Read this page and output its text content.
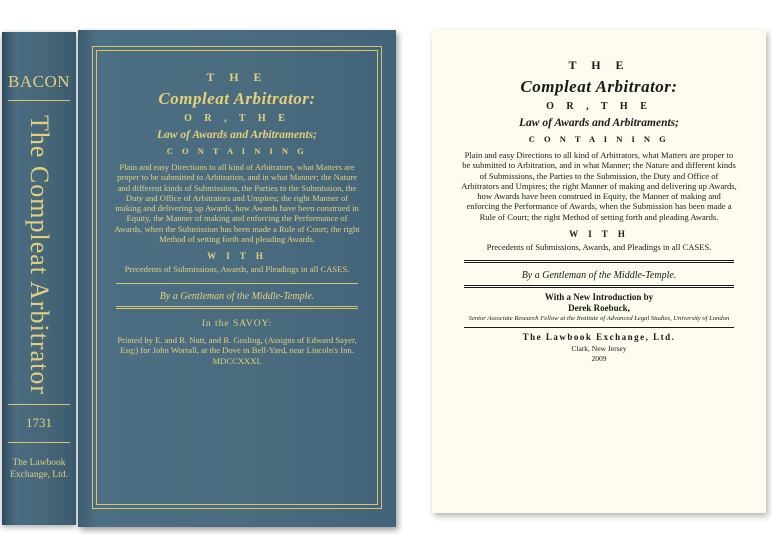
BACON
The Compleat Arbitrator
1731
The Lawbook
Exchange, Ltd.
T H E
Compleat Arbitrator:
O R , T H E
Law of Awards and Arbitraments;
C O N T A I N I N G
Plain and easy Directions to all kind of Arbitrators, what Matters are proper to be submitted to Arbitration, and in what Manner; the Nature and different kinds of Submissions, the Parties to the Submission, the Duty and Office of Arbitrators and Umpires; the right Manner of making and delivering up Awards, how Awards have been construed in Equity, the Manner of making and enforcing the Performance of Awards, when the Submission has been made a Rule of Court; the right Method of setting forth and pleading Awards.
W I T H
Precedents of Submissions, Awards, and Pleadings in all CASES.
By a Gentleman of the Middle-Temple.
In the SAVOY:
Printed by E. and R. Nutt, and R. Gosling, (Assigns of Edward Sayer, Esq;) for John Worrall, at the Dove in Bell-Yard, near Lincoln's Inn. MDCCXXXI.
T H E
Compleat Arbitrator:
O R , T H E
Law of Awards and Arbitraments;
C O N T A I N I N G
Plain and easy Directions to all kind of Arbitrators, what Matters are proper to be submitted to Arbitration, and in what Manner; the Nature and different kinds of Submissions, the Parties to the Submission, the Duty and Office of Arbitrators and Umpires; the right Manner of making and delivering up Awards, how Awards have been construed in Equity, the Manner of making and enforcing the Performance of Awards, when the Submission has been made a Rule of Court; the right Method of setting forth and pleading Awards.
W I T H
Precedents of Submissions, Awards, and Pleadings in all CASES.
By a Gentleman of the Middle-Temple.
With a New Introduction by
Derek Roebuck,
Senior Associate Research Fellow at the Institute of Advanced Legal Studies, University of London
The Lawbook Exchange, Ltd.
Clark, New Jersey
2009
